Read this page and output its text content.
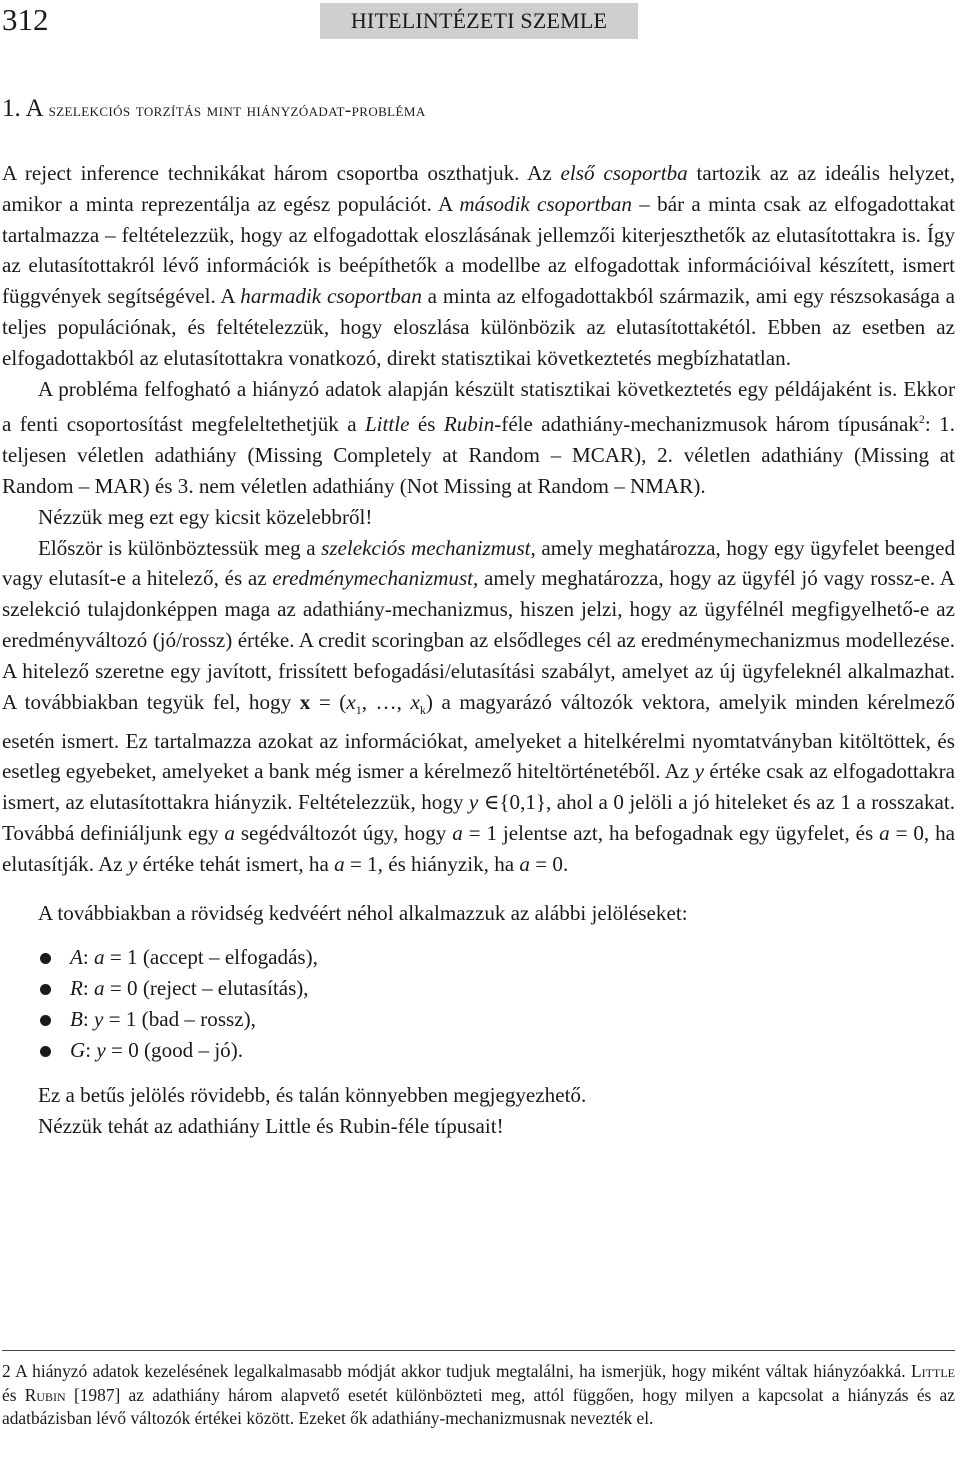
312	HITELINTÉZETI SZEMLE
1. A szelekciós torzítás mint hiányzóadat-probléma

A reject inference technikákat három csoportba oszthatjuk. Az első csoportba tartozik az az ideális helyzet, amikor a minta reprezentálja az egész populációt. A második csoportban – bár a minta csak az elfogadottakat tartalmazza – feltételezzük, hogy az elfogadottak eloszlásának jellemzői kiterjeszthetők az elutasítottakra is. Így az elutasítottakról lévő információk is beépíthetők a modellbe az elfogadottak információival készített, ismert függvények segítségével. A harmadik csoportban a minta az elfogadottakból származik, ami egy részsokasága a teljes populációnak, és feltételezzük, hogy eloszlása különbözik az elutasítottakétól. Ebben az esetben az elfogadottakból az elutasítottakra vonatkozó, direkt statisztikai következtetés megbízhatatlan.

A probléma felfogható a hiányzó adatok alapján készült statisztikai következtetés egy példájaként is. Ekkor a fenti csoportosítást megfeleltethetjük a Little és Rubin-féle adathiány-mechanizmusok három típusának$^2$: 1. teljesen véletlen adathiány (Missing Completely at Random – MCAR), 2. véletlen adathiány (Missing at Random – MAR) és 3. nem véletlen adathiány (Not Missing at Random – NMAR).

Nézzük meg ezt egy kicsit közelebbről!

Először is különböztessük meg a szelekciós mechanizmust, amely meghatározza, hogy egy ügyfelet beenged vagy elutasít-e a hitelező, és az eredménymechanizmust, amely meghatározza, hogy az ügyfél jó vagy rossz-e. A szelekció tulajdonképpen maga az adathiány-mechanizmus, hiszen jelzi, hogy az ügyfélnél megfigyelhető-e az eredményváltozó (jó/rossz) értéke. A credit scoringban az elsődleges cél az eredménymechanizmus modellezése. A hitelező szeretne egy javított, frissített befogadási/elutasítási szabályt, amelyet az új ügyfeleknél alkalmazhat. A továbbiakban tegyük fel, hogy $x = (x_1$, …, $x_k$) a magyarázó változók vektora, amelyik minden kérelmező esetén ismert. Ez tartalmazza azokat az információkat, amelyeket a hitelkérelmi nyomtatványban kitöltöttek, és esetleg egyebeket, amelyeket a bank még ismer a kérelmező hiteltörténetéből. Az y értéke csak az elfogadottakra ismert, az elutasítottakra hiányzik. Feltételezzük, hogy y ∈{0,1}, ahol a 0 jelöli a jó hiteleket és az 1 a rosszakat. Továbbá definiáljunk egy a segédváltozót úgy, hogy a = 1 jelentse azt, ha befogadnak egy ügyfelet, és a = 0, ha elutasítják. Az y értéke tehát ismert, ha a = 1, és hiányzik, ha a = 0.

A továbbiakban a rövidség kedvéért néhol alkalmazzuk az alábbi jelöléseket:

A: a = 1 (accept – elfogadás),
R: a = 0 (reject – elutasítás),
B: y = 1 (bad – rossz),
G: y = 0 (good – jó).

Ez a betűs jelölés rövidebb, és talán könnyebben megjegyezhető.

Nézzük tehát az adathiány Little és Rubin-féle típusait!

2 A hiányzó adatok kezelésének legalkalmasabb módját akkor tudjuk megtalálni, ha ismerjük, hogy miként váltak hiányzóakká. Little és Rubin [1987] az adathiány három alapvető esetét különbözteti meg, attól függően, hogy milyen a kapcsolat a hiányzás és az adatbázisban lévő változók értékei között. Ezeket ők adathiány-mechanizmusnak nevezték el.
